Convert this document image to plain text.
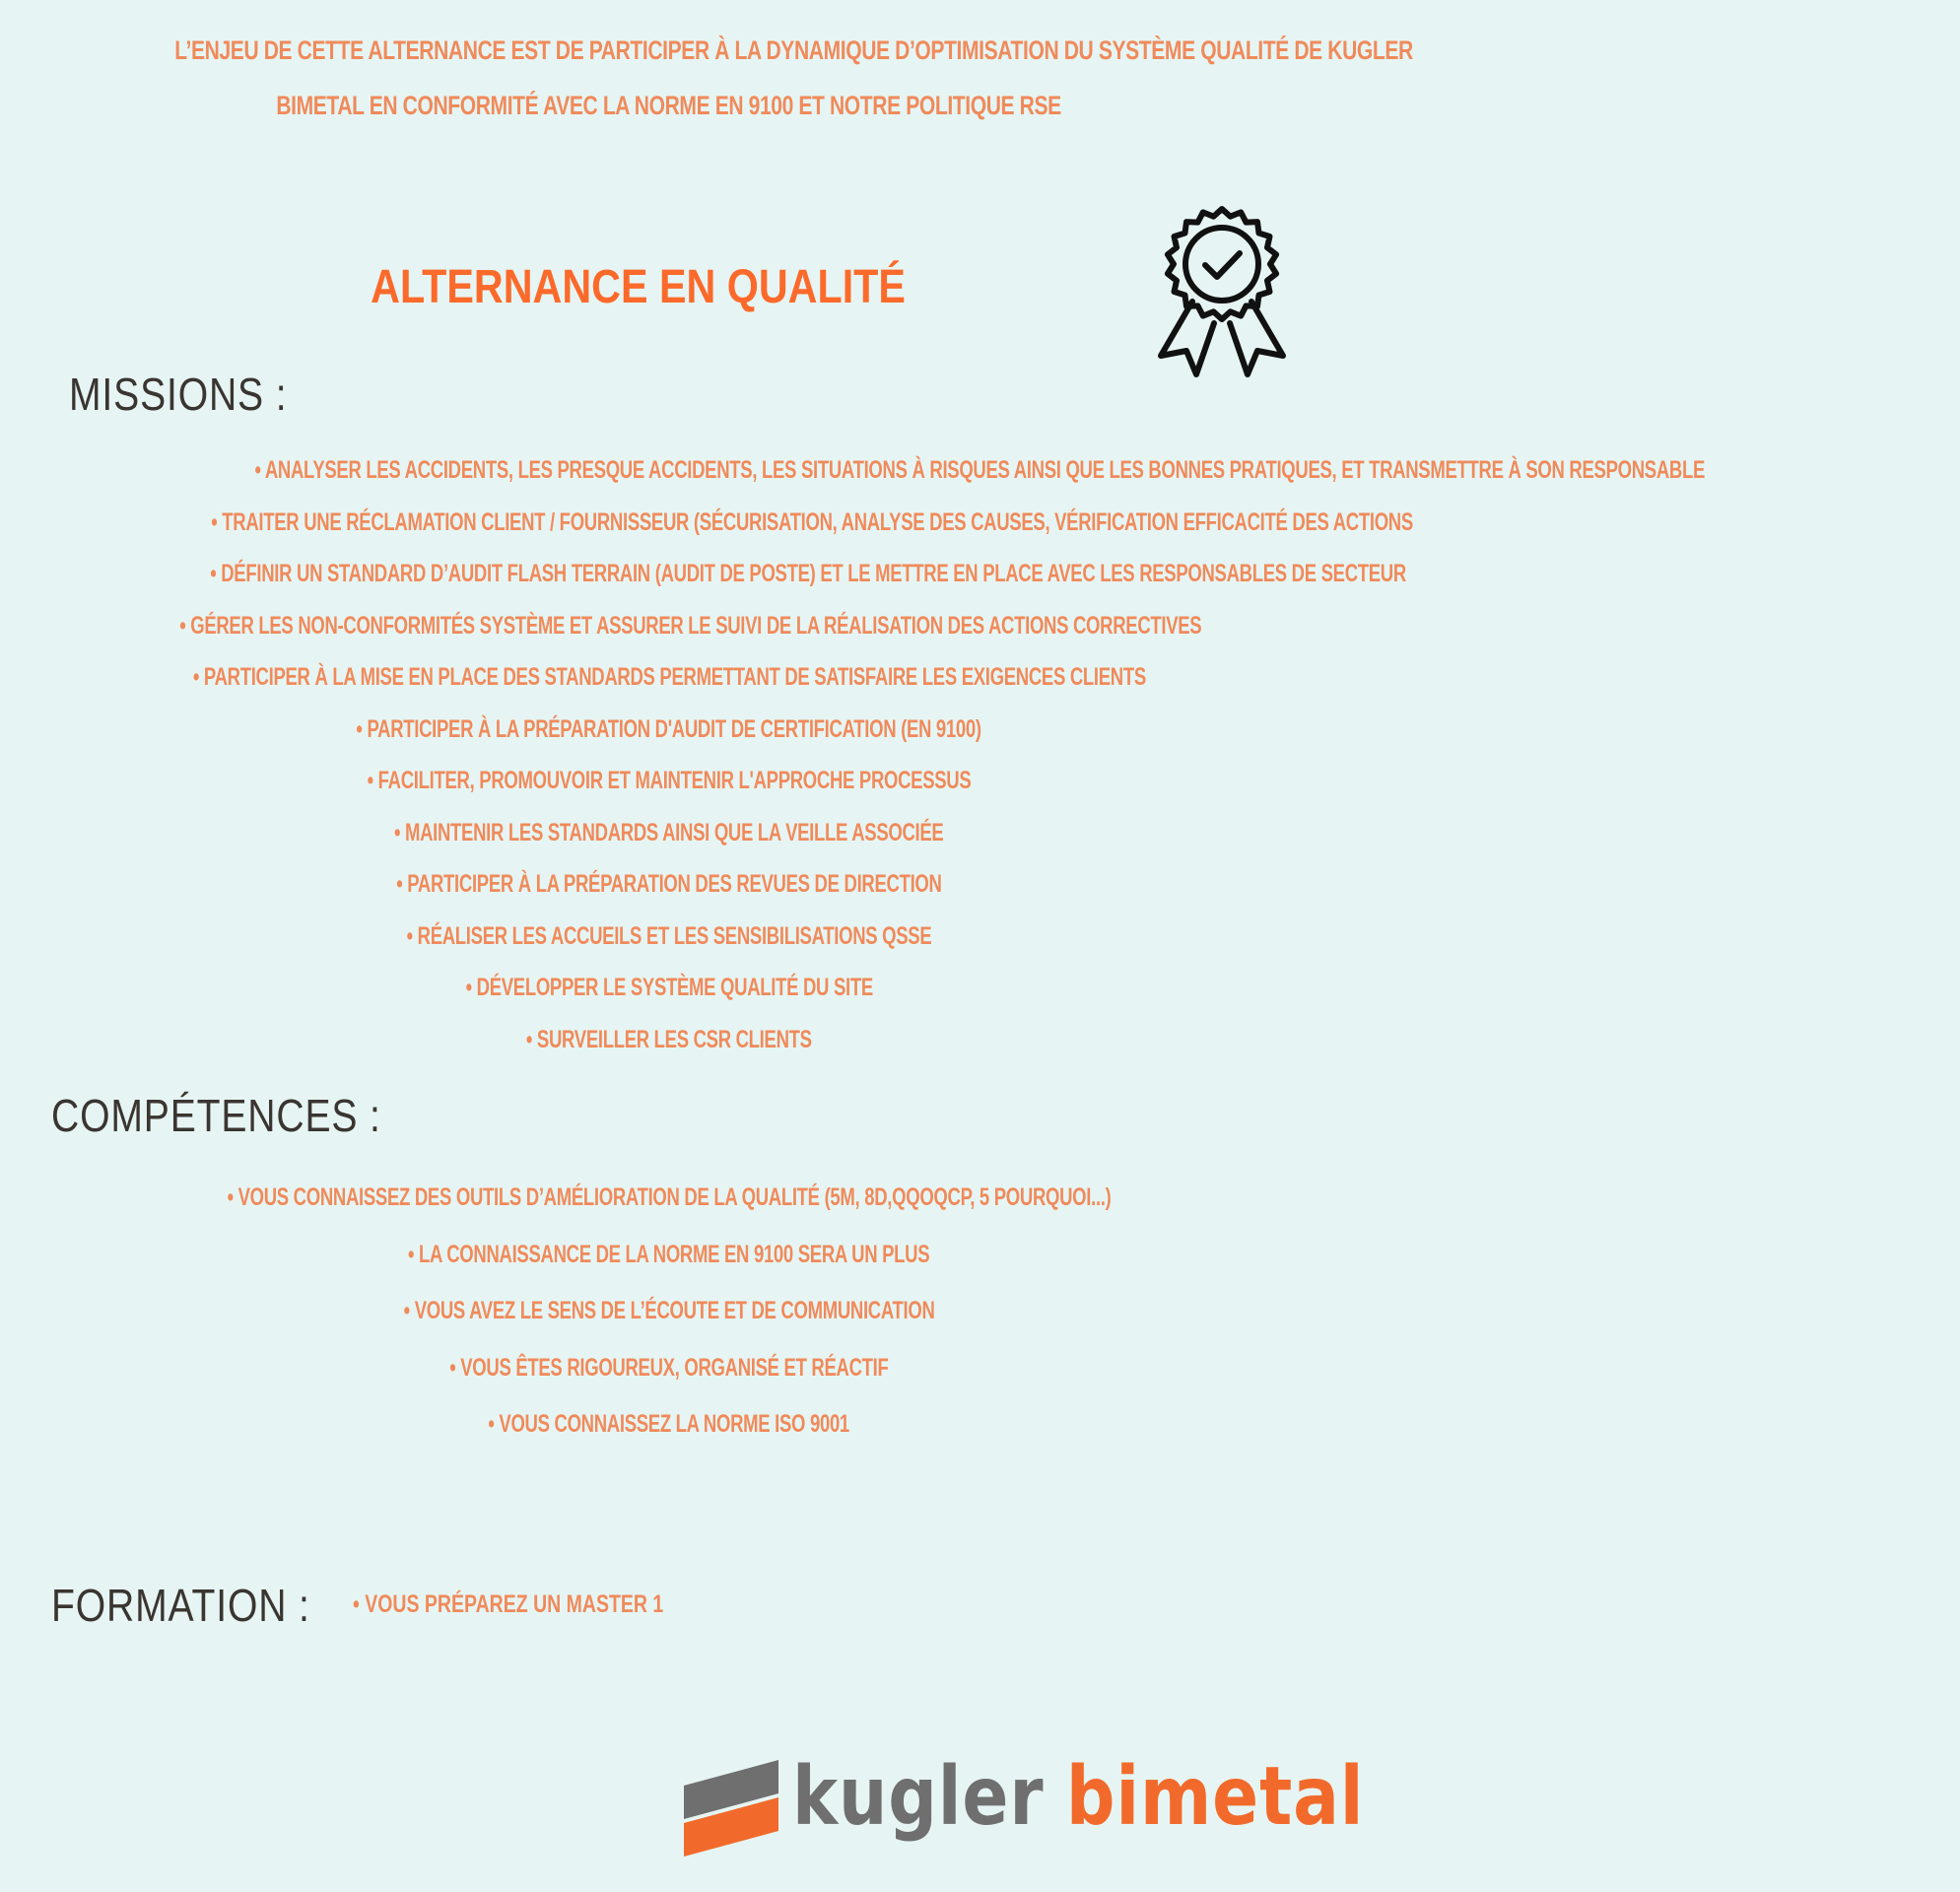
L’ENJEU DE CETTE ALTERNANCE EST DE PARTICIPER À LA DYNAMIQUE D’OPTIMISATION DU SYSTÈME QUALITÉ DE KUGLER
BIMETAL EN CONFORMITÉ AVEC LA NORME EN 9100 ET NOTRE POLITIQUE RSE
ALTERNANCE EN QUALITÉ
MISSIONS :
• ANALYSER LES ACCIDENTS, LES PRESQUE ACCIDENTS, LES SITUATIONS À RISQUES AINSI QUE LES BONNES PRATIQUES, ET TRANSMETTRE À SON RESPONSABLE
• TRAITER UNE RÉCLAMATION CLIENT / FOURNISSEUR (SÉCURISATION, ANALYSE DES CAUSES, VÉRIFICATION EFFICACITÉ DES ACTIONS
• DÉFINIR UN STANDARD D’AUDIT FLASH TERRAIN (AUDIT DE POSTE) ET LE METTRE EN PLACE AVEC LES RESPONSABLES DE SECTEUR
• GÉRER LES NON-CONFORMITÉS SYSTÈME ET ASSURER LE SUIVI DE LA RÉALISATION DES ACTIONS CORRECTIVES
• PARTICIPER À LA MISE EN PLACE DES STANDARDS PERMETTANT DE SATISFAIRE LES EXIGENCES CLIENTS
• PARTICIPER À LA PRÉPARATION D'AUDIT DE CERTIFICATION (EN 9100)
• FACILITER, PROMOUVOIR ET MAINTENIR L'APPROCHE PROCESSUS
• MAINTENIR LES STANDARDS AINSI QUE LA VEILLE ASSOCIÉE
• PARTICIPER À LA PRÉPARATION DES REVUES DE DIRECTION
• RÉALISER LES ACCUEILS ET LES SENSIBILISATIONS QSSE
• DÉVELOPPER LE SYSTÈME QUALITÉ DU SITE
• SURVEILLER LES CSR CLIENTS
COMPÉTENCES :
• VOUS CONNAISSEZ DES OUTILS D’AMÉLIORATION DE LA QUALITÉ (5M, 8D,QQOQCP, 5 POURQUOI...)
• LA CONNAISSANCE DE LA NORME EN 9100 SERA UN PLUS
• VOUS AVEZ LE SENS DE L’ÉCOUTE ET DE COMMUNICATION
• VOUS ÊTES RIGOUREUX, ORGANISÉ ET RÉACTIF
• VOUS CONNAISSEZ LA NORME ISO 9001
FORMATION :	• VOUS PRÉPAREZ UN MASTER 1
kugler bimetal
